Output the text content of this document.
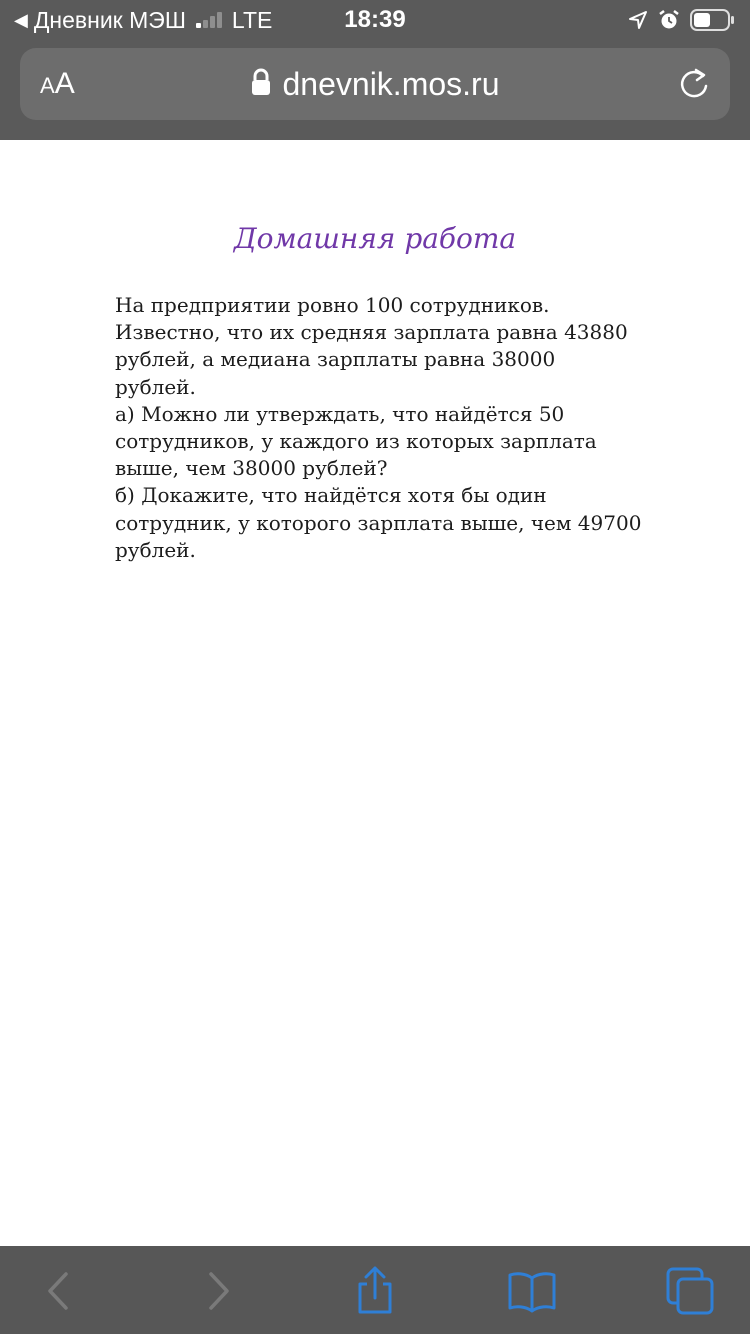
◀ Дневник МЭШ LTE	18:39
AA	dnevnik.mos.ru
Домашняя работа
На предприятии ровно 100 сотрудников.
Известно, что их средняя зарплата равна 43880
рублей, а медиана зарплаты равна 38000
рублей.
а) Можно ли утверждать, что найдётся 50
сотрудников, у каждого из которых зарплата
выше, чем 38000 рублей?
б) Докажите, что найдётся хотя бы один
сотрудник, у которого зарплата выше, чем 49700
рублей.
